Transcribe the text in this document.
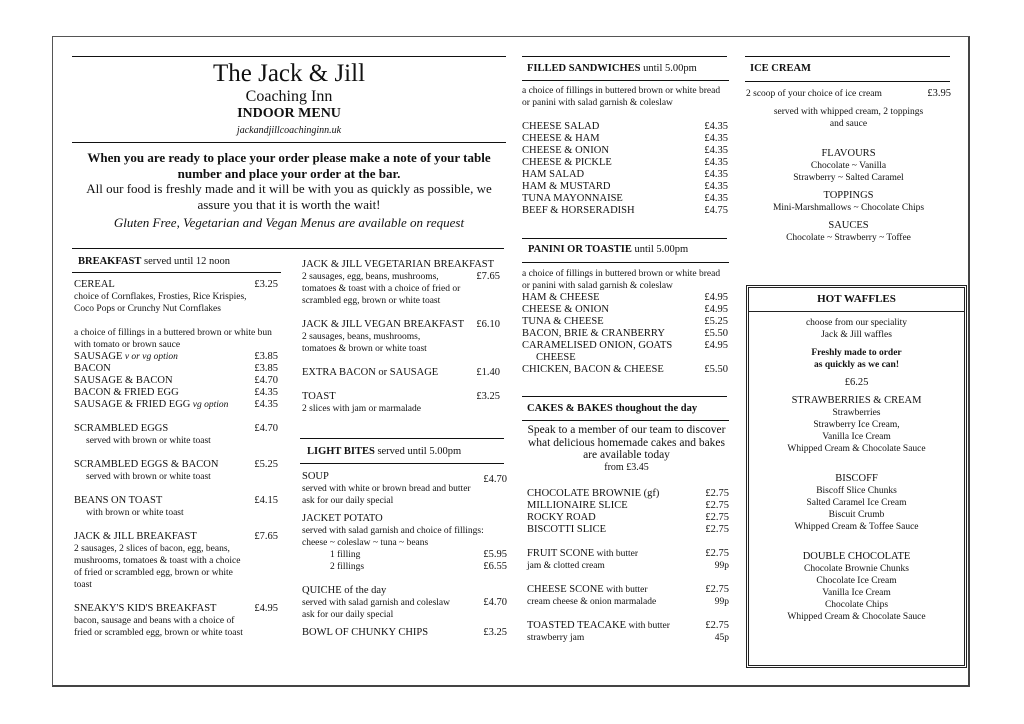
The Jack & Jill
Coaching Inn
INDOOR MENU
jackandjillcoachinginn.uk
When you are ready to place your order please make a note of your table number and place your order at the bar.
All our food is freshly made and it will be with you as quickly as possible, we assure you that it is worth the wait!
Gluten Free, Vegetarian and Vegan Menus are available on request
BREAKFAST served until 12 noon
CEREAL	£3.25
choice of Cornflakes, Frosties, Rice Krispies, Coco Pops or Crunchy Nut Cornflakes
a choice of fillings in a buttered brown or white bun with tomato or brown sauce
SAUSAGE v or vg option	£3.85
BACON	£3.85
SAUSAGE & BACON	£4.70
BACON & FRIED EGG	£4.35
SAUSAGE & FRIED EGG vg option £4.35
SCRAMBLED EGGS	£4.70
served with brown or white toast
SCRAMBLED EGGS & BACON	£5.25
served with brown or white toast
BEANS ON TOAST	£4.15
with brown or white toast
JACK & JILL BREAKFAST	£7.65
2 sausages, 2 slices of bacon, egg, beans, mushrooms, tomatoes & toast with a choice of fried or scrambled egg, brown or white toast
SNEAKY'S KID'S BREAKFAST	£4.95
bacon, sausage and beans with a choice of fried or scrambled egg, brown or white toast
JACK & JILL VEGETARIAN BREAKFAST
2 sausages, egg, beans, mushrooms, tomatoes & toast with a choice of fried or scrambled egg, brown or white toast
£7.65
JACK & JILL VEGAN BREAKFAST £6.10
2 sausages, beans, mushrooms, tomatoes & brown or white toast
EXTRA BACON or SAUSAGE	£1.40
TOAST	£3.25
2 slices with jam or marmalade
LIGHT BITES served until 5.00pm
SOUP	£4.70
served with white or brown bread and butter
ask for our daily special
JACKET POTATO
served with salad garnish and choice of fillings: cheese ~ coleslaw ~ tuna ~ beans
1 filling	£5.95
2 fillings	£6.55
QUICHE of the day
served with salad garnish and coleslaw	£4.70
ask for our daily special
BOWL OF CHUNKY CHIPS	£3.25
FILLED SANDWICHES until 5.00pm
a choice of fillings in buttered brown or white bread or panini with salad garnish & coleslaw
CHEESE SALAD	£4.35
CHEESE & HAM	£4.35
CHEESE & ONION	£4.35
CHEESE & PICKLE	£4.35
HAM SALAD	£4.35
HAM & MUSTARD	£4.35
TUNA MAYONNAISE	£4.35
BEEF & HORSERADISH	£4.75
PANINI OR TOASTIE until 5.00pm
a choice of fillings in buttered brown or white bread or panini with salad garnish & coleslaw
HAM & CHEESE	£4.95
CHEESE & ONION	£4.95
TUNA & CHEESE	£5.25
BACON, BRIE & CRANBERRY	£5.50
CARAMELISED ONION, GOATS	£4.95
CHEESE
CHICKEN, BACON & CHEESE	£5.50
CAKES & BAKES thoughout the day
Speak to a member of our team to discover what delicious homemade cakes and bakes are available today
from £3.45
CHOCOLATE BROWNIE (gf)	£2.75
MILLIONAIRE SLICE	£2.75
ROCKY ROAD	£2.75
BISCOTTI SLICE	£2.75
FRUIT SCONE with butter	£2.75
jam & clotted cream	99p
CHEESE SCONE with butter	£2.75
cream cheese & onion marmalade	99p
TOASTED TEACAKE with butter	£2.75
strawberry jam	45p
ICE CREAM
2 scoop of your choice of ice cream	£3.95
served with whipped cream, 2 toppings and sauce
FLAVOURS
Chocolate ~ Vanilla
Strawberry ~ Salted Caramel
TOPPINGS
Mini-Marshmallows ~ Chocolate Chips
SAUCES
Chocolate ~ Strawberry ~ Toffee
HOT WAFFLES
choose from our speciality
Jack & Jill waffles
Freshly made to order
as quickly as we can!
£6.25
STRAWBERRIES & CREAM
Strawberries
Strawberry Ice Cream,
Vanilla Ice Cream
Whipped Cream & Chocolate Sauce
BISCOFF
Biscoff Slice Chunks
Salted Caramel Ice Cream
Biscuit Crumb
Whipped Cream & Toffee Sauce
DOUBLE CHOCOLATE
Chocolate Brownie Chunks
Chocolate Ice Cream
Vanilla Ice Cream
Chocolate Chips
Whipped Cream & Chocolate Sauce
